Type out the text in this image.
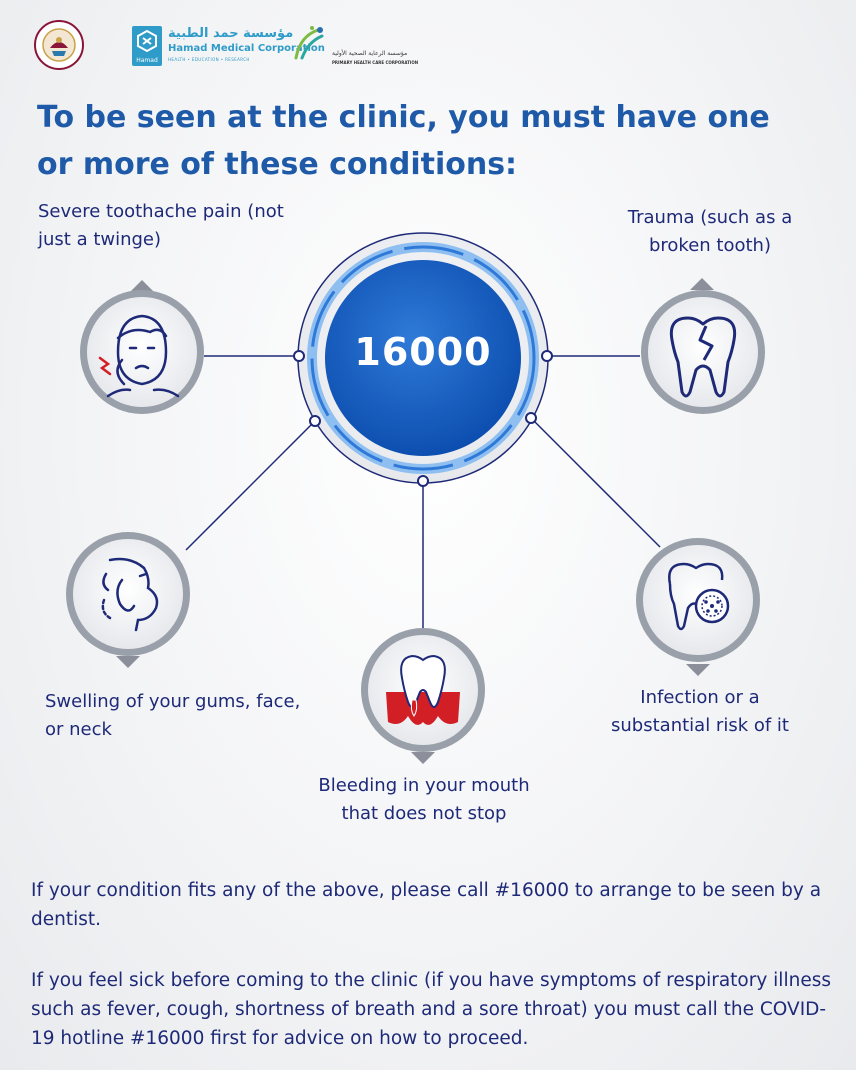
Hamad
مؤسسة حمد الطبية
Hamad Medical Corporation
HEALTH • EDUCATION • RESEARCH
مؤسسة الرعاية الصحية الأولية
PRIMARY HEALTH CARE CORPORATION
To be seen at the clinic, you must have one or more of these conditions:
16000

Severe toothache pain (not just a twinge)

Trauma (such as a broken tooth)

Swelling of your gums, face, or neck

Infection or a substantial risk of it

Bleeding in your mouth that does not stop

If your condition fits any of the above, please call #16000 to arrange to be seen by a dentist.

If you feel sick before coming to the clinic (if you have symptoms of respiratory illness such as fever, cough, shortness of breath and a sore throat) you must call the COVID-19 hotline #16000 first for advice on how to proceed.
